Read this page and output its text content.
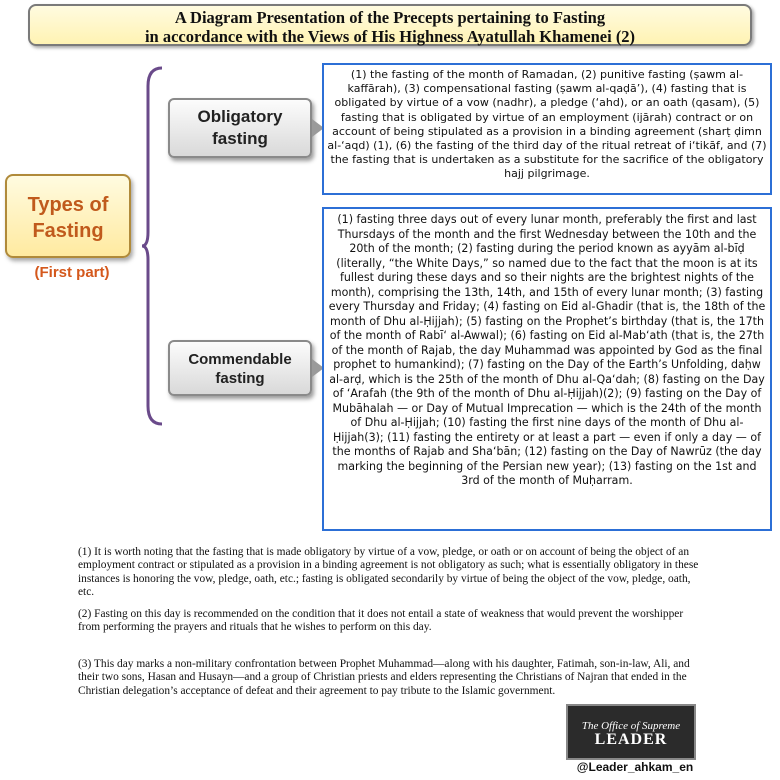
A Diagram Presentation of the Precepts pertaining to Fasting
in accordance with the Views of His Highness Ayatullah Khamenei (2)
Types of
Fasting
(First part)
Obligatory
fasting
Commendable
fasting
(1) the fasting of the month of Ramadan, (2) punitive fasting (ṣawm al-kaffārah), (3) compensational fasting (ṣawm al-qaḍā’), (4) fasting that is obligated by virtue of a vow (nadhr), a pledge (‘ahd), or an oath (qasam), (5) fasting that is obligated by virtue of an employment (ijārah) contract or on account of being stipulated as a provision in a binding agreement (sharṭ ḍimn al-‘aqd) (1), (6) the fasting of the third day of the ritual retreat of i‘tikāf, and (7) the fasting that is undertaken as a substitute for the sacrifice of the obligatory hajj pilgrimage.
(1) fasting three days out of every lunar month, preferably the first and last Thursdays of the month and the first Wednesday between the 10th and the 20th of the month; (2) fasting during the period known as ayyām al-bīḍ (literally, “the White Days,” so named due to the fact that the moon is at its fullest during these days and so their nights are the brightest nights of the month), comprising the 13th, 14th, and 15th of every lunar month; (3) fasting every Thursday and Friday; (4) fasting on Eid al-Ghadir (that is, the 18th of the month of Dhu al-Ḥijjah); (5) fasting on the Prophet’s birthday (that is, the 17th of the month of Rabī‘ al-Awwal); (6) fasting on Eid al-Mab‘ath (that is, the 27th of the month of Rajab, the day Muhammad was appointed by God as the final prophet to humankind); (7) fasting on the Day of the Earth’s Unfolding, daḥw al-arḍ, which is the 25th of the month of Dhu al-Qa‘dah; (8) fasting on the Day of ‘Arafah (the 9th of the month of Dhu al-Ḥijjah)(2); (9) fasting on the Day of Mubāhalah — or Day of Mutual Imprecation — which is the 24th of the month of Dhu al-Ḥijjah; (10) fasting the first nine days of the month of Dhu al-Ḥijjah(3); (11) fasting the entirety or at least a part — even if only a day — of the months of Rajab and Sha‘bān; (12) fasting on the Day of Nawrūz (the day marking the beginning of the Persian new year); (13) fasting on the 1st and 3rd of the month of Muḥarram.
(1) It is worth noting that the fasting that is made obligatory by virtue of a vow, pledge, or oath or on account of being the object of an employment contract or stipulated as a provision in a binding agreement is not obligatory as such; what is essentially obligatory in these instances is honoring the vow, pledge, oath, etc.; fasting is obligated secondarily by virtue of being the object of the vow, pledge, oath, etc.
(2) Fasting on this day is recommended on the condition that it does not entail a state of weakness that would prevent the worshipper from performing the prayers and rituals that he wishes to perform on this day.
(3) This day marks a non-military confrontation between Prophet Muhammad—along with his daughter, Fatimah, son-in-law, Ali, and their two sons, Hasan and Husayn—and a group of Christian priests and elders representing the Christians of Najran that ended in the Christian delegation’s acceptance of defeat and their agreement to pay tribute to the Islamic government.
The Office of Supreme
LEADER
@Leader_ahkam_en
